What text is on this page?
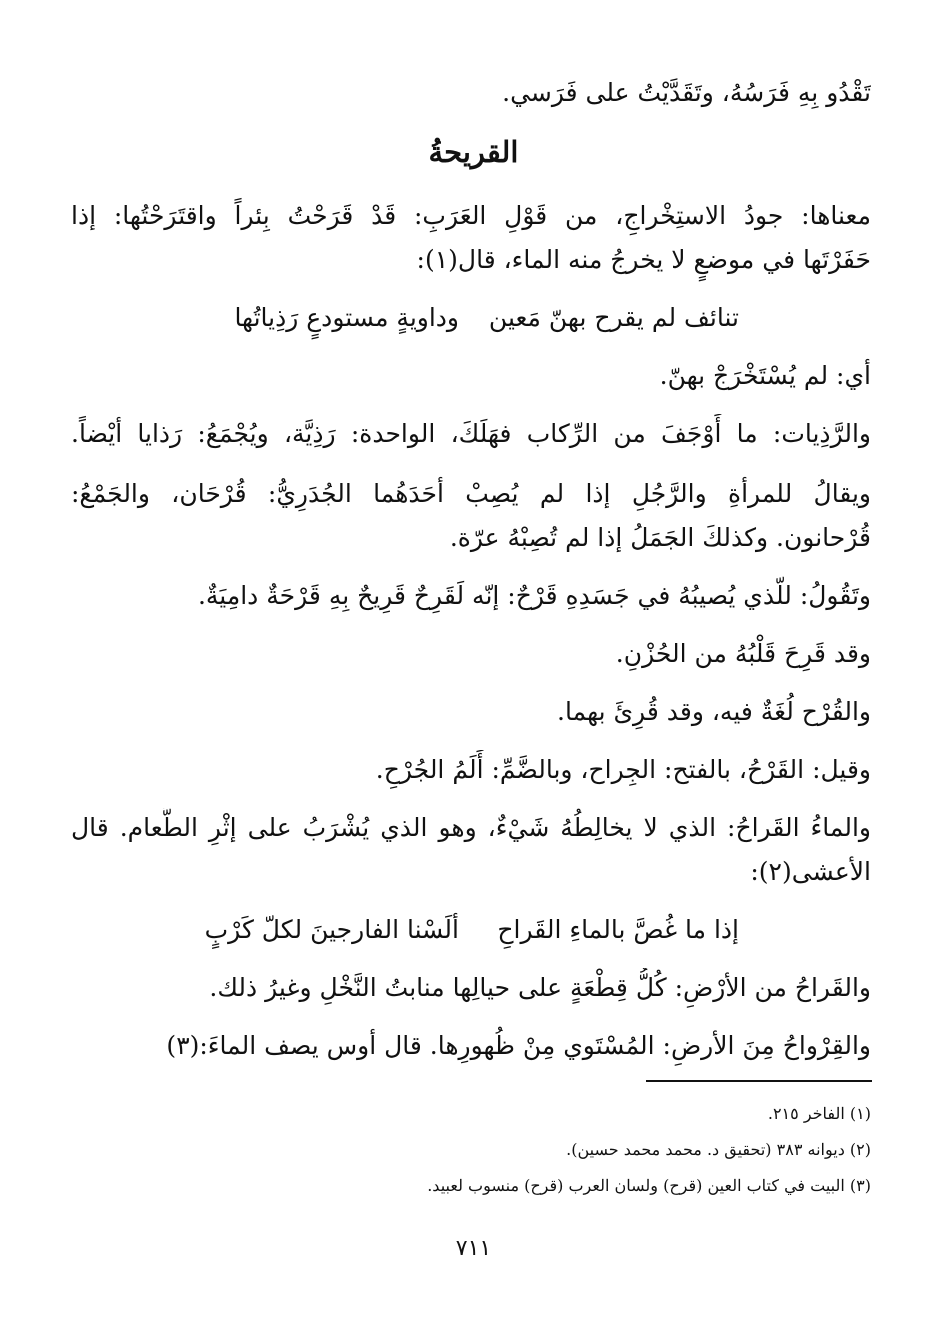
تَقْدُو بِهِ فَرَسُهُ، وتَقَدَّيْتُ على فَرَسي.
القريحةُ
معناها: جودُ الاستِخْراجِ، من قَوْلِ العَرَبِ: قَدْ قَرَحْتُ بِئراً واقتَرَحْتُها: إذا
حَفَرْتَها في موضعٍ لا يخرجُ منه الماء، قال(١):
وداويةٍ مستودعٍ رَذِياتُها	تنائف لم يقرح بهنّ مَعين
أي: لم يُسْتَخْرَجْ بهنّ.
والرَّذِيات: ما أَوْجَفَ من الرِّكاب فهَلَكَ، الواحدة: رَذِيَّة، ويُجْمَعُ: رَذايا أيْضاً.
ويقالُ للمرأةِ والرَّجُلِ إذا لم يُصِبْ أحَدَهُما الجُدَرِيُّ: قُرْحَان، والجَمْعُ:
قُرْحانون. وكذلكَ الجَمَلُ إذا لم تُصِبْهُ عرّة.
وتَقُولُ: للّذي يُصيبُهُ في جَسَدِهِ قَرْحٌ: إنّه لَقَرِحٌ قَرِيحٌ بِهِ قَرْحَةٌ دامِيَةٌ.
وقد قَرِحَ قَلْبُهُ من الحُزْنِ.
والقُرْح لُغَةٌ فيه، وقد قُرِئَ بهما.
وقيل: القَرْحُ، بالفتح: الجِراح، وبالضَّمِّ: أَلَمُ الجُرْحِ.
والماءُ القَراحُ: الذي لا يخالِطُهُ شَيْءٌ، وهو الذي يُشْرَبُ على إثْرِ الطَّعام. قال
الأعشى(٢):
ألَسْنا الفارجينَ لكلّ كَرْبٍ	إذا ما غُصَّ بالماءِ القَراحِ
والقَراحُ من الأرْضِ: كُلُّ قِطْعَةٍ على حيالِها منابتُ النَّخْلِ وغيرُ ذلك.
والقِرْواحُ مِنَ الأرضِ: المُسْتَوي مِنْ ظُهورِها. قال أوس يصف الماءَ:(٣)
(١) الفاخر ٢١٥.
(٢) ديوانه ٣٨٣ (تحقيق د. محمد محمد حسين).
(٣) البيت في كتاب العين (قرح) ولسان العرب (قرح) منسوب لعبيد.
٧١١
